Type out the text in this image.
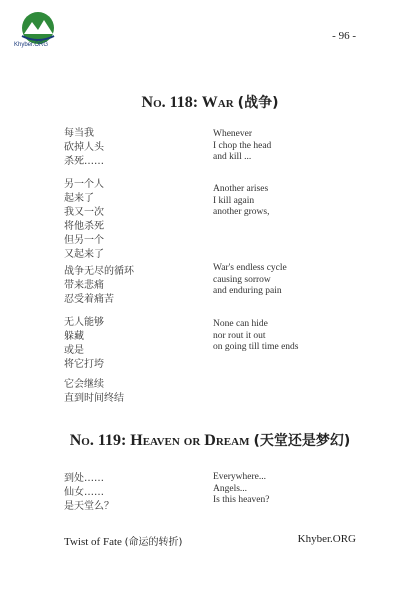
Khyber.ORG
- 96 -
No. 118: War (战争)
每当我
砍掉人头
杀死……
Whenever
I chop the head
and kill ...
另一个人
起来了
我又一次
将他杀死
但另一个
又起来了
Another arises
I kill again
another grows,
战争无尽的循环
带来悲痛
忍受着痛苦
War's endless cycle
causing sorrow
and enduring pain
无人能够
躲藏
或是
将它打垮
None can hide
nor rout it out
on going till time ends
它会继续
直到时间终结
No. 119: Heaven or Dream (天堂还是梦幻)
到处……
仙女……
是天堂么？
Everywhere...
Angels...
Is this heaven?
Twist of Fate (命运的转折)	Khyber.ORG
